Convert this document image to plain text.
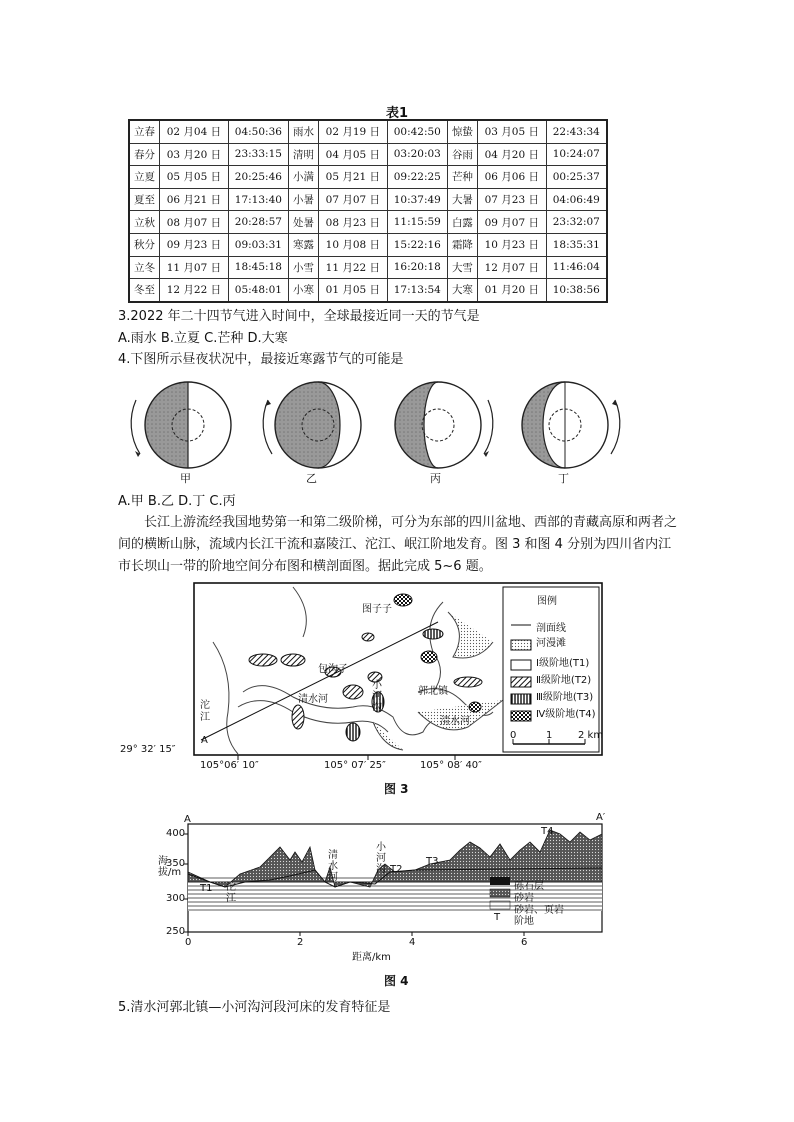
表1
立春	02 月04 日	04:50:36	雨水	02 月19 日	00:42:50	惊蛰	03 月05 日	22:43:34
春分	03 月20 日	23:33:15	清明	04 月05 日	03:20:03	谷雨	04 月20 日	10:24:07
立夏	05 月05 日	20:25:46	小满	05 月21 日	09:22:25	芒种	06 月06 日	00:25:37
夏至	06 月21 日	17:13:40	小暑	07 月07 日	10:37:49	大暑	07 月23 日	04:06:49
立秋	08 月07 日	20:28:57	处暑	08 月23 日	11:15:59	白露	09 月07 日	23:32:07
秋分	09 月23 日	09:03:31	寒露	10 月08 日	15:22:16	霜降	10 月23 日	18:35:31
立冬	11 月07 日	18:45:18	小雪	11 月22 日	16:20:18	大雪	12 月07 日	11:46:04
冬至	12 月22 日	05:48:01	小寒	01 月05 日	17:13:54	大寒	01 月20 日	10:38:56
3.2022 年二十四节气进入时间中，全球最接近同一天的节气是
A.雨水 B.立夏 C.芒种 D.大寒
4.下图所示昼夜状况中，最接近寒露节气的可能是
甲	乙	丙	丁
A.甲 B.乙 D.丁 C.丙
长江上游流经我国地势第一和第二级阶梯，可分为东部的四川盆地、西部的青藏高原和两者之间的横断山脉，流域内长江干流和嘉陵江、沱江、岷江阶地发育。图 3 和图 4 分别为四川省内江市长坝山一带的阶地空间分布图和横剖面图。据此完成 5~6 题。
图子子
包沟子
清水河
沱江
小河沟
郭北镇
清水河
A
29° 32′ 15″
105°06′ 10″	105° 07′ 25″	105° 08′ 40″
图例
剖面线
河漫滩
Ⅰ级阶地(T1)
Ⅱ级阶地(T2)
Ⅲ级阶地(T3)
Ⅳ级阶地(T4)
0	1	2 km
图 3
A	A′
海拔/m
400
350
300
250
0	2	4	6
距离/km
T1 沱江
清水河
小河沟 T2
T3
T4
砾石层
砂岩
砂岩、页岩
T 阶地
图 4
5.清水河郭北镇—小河沟河段河床的发育特征是
